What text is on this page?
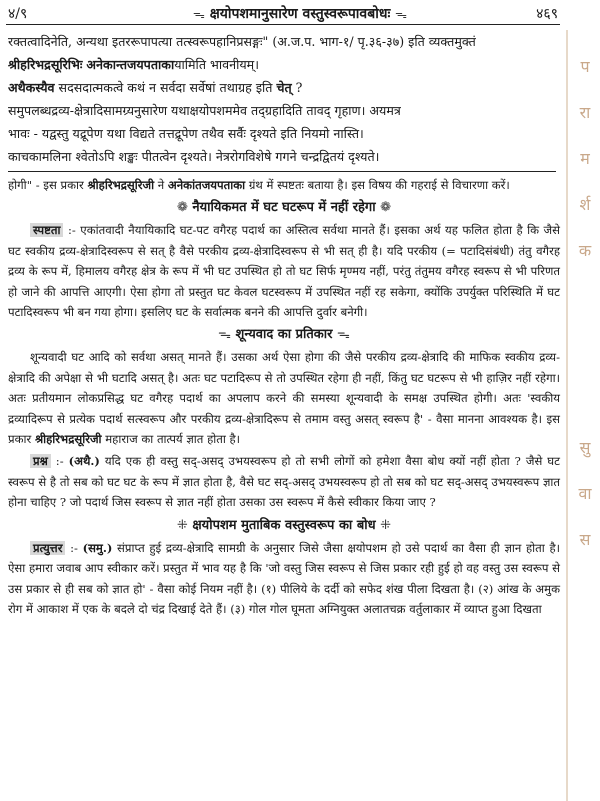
४/९	ᯓ क्षयोपशमानुसारेण वस्तुस्वरूपावबोधः ᯓ	४६९
प
रा
म
र्श
क
सु
वा
स

रक्तत्वादिनेति, अन्यथा इतररूपापत्या तत्स्वरूपहानिप्रसङ्गः" (अ.ज.प. भाग-१/ पृ.३६-३७) इति व्यक्तमुक्तं

श्रीहरिभद्रसूरिभिः अनेकान्तजयपताकायामिति भावनीयम्।

अथैकस्यैव सदसदात्मकत्वे कथं न सर्वदा सर्वेषां तथाग्रह इति चेत् ?

समुपलब्धद्रव्य-क्षेत्रादिसामग्र्यनुसारेण यथाक्षयोपशममेव तद्ग्रहादिति तावद् गृहाण। अयमत्र

भावः - यद्वस्तु यद्रूपेण यथा विद्यते तत्तद्रूपेण तथैव सर्वैः दृश्यते इति नियमो नास्ति।

काचकामलिना श्वेतोऽपि शङ्खः पीतत्वेन दृश्यते। नेत्ररोगविशेषे गगने चन्द्रद्वितयं दृश्यते।

होगी" - इस प्रकार श्रीहरिभद्रसूरिजी ने अनेकांतजयपताका ग्रंथ में स्पष्टतः बताया है। इस विषय की गहराई से विचारणा करें।

❁ नैयायिकमत में घट घटरूप में नहीं रहेगा ❁

स्पष्टता :- एकांतवादी नैयायिकादि घट-पट वगैरह पदार्थ का अस्तित्व सर्वथा मानते हैं। इसका अर्थ यह फलित होता है कि जैसे घट स्वकीय द्रव्य-क्षेत्रादिस्वरूप से सत् है वैसे परकीय द्रव्य-क्षेत्रादिस्वरूप से भी सत् ही है। यदि परकीय (= पटादिसंबंधी) तंतु वगैरह द्रव्य के रूप में, हिमालय वगैरह क्षेत्र के रूप में भी घट उपस्थित हो तो घट सिर्फ मृण्मय नहीं, परंतु तंतुमय वगैरह स्वरूप से भी परिणत हो जाने की आपत्ति आएगी। ऐसा होगा तो प्रस्तुत घट केवल घटस्वरूप में उपस्थित नहीं रह सकेगा, क्योंकि उपर्युक्त परिस्थिति में घट पटादिस्वरूप भी बन गया होगा। इसलिए घट के सर्वात्मक बनने की आपत्ति दुर्वार बनेगी।

ᯓ शून्यवाद का प्रतिकार ᯓ

शून्यवादी घट आदि को सर्वथा असत् मानते हैं। उसका अर्थ ऐसा होगा की जैसे परकीय द्रव्य-क्षेत्रादि की माफिक स्वकीय द्रव्य-क्षेत्रादि की अपेक्षा से भी घटादि असत् है। अतः घट पटादिरूप से तो उपस्थित रहेगा ही नहीं, किंतु घट घटरूप से भी हाज़िर नहीं रहेगा। अतः प्रतीयमान लोकप्रसिद्ध घट वगैरह पदार्थ का अपलाप करने की समस्या शून्यवादी के समक्ष उपस्थित होगी। अतः 'स्वकीय द्रव्यादिरूप से प्रत्येक पदार्थ सत्स्वरूप और परकीय द्रव्य-क्षेत्रादिरूप से तमाम वस्तु असत् स्वरूप है' - वैसा मानना आवश्यक है। इस प्रकार श्रीहरिभद्रसूरिजी महाराज का तात्पर्य ज्ञात होता है।

प्रश्न :- (अथै.) यदि एक ही वस्तु सद्-असद् उभयस्वरूप हो तो सभी लोगों को हमेशा वैसा बोध क्यों नहीं होता ? जैसे घट स्वरूप से है तो सब को घट घट के रूप में ज्ञात होता है, वैसे घट सद्-असद् उभयस्वरूप हो तो सब को घट सद्-असद् उभयस्वरूप ज्ञात होना चाहिए ? जो पदार्थ जिस स्वरूप से ज्ञात नहीं होता उसका उस स्वरूप में कैसे स्वीकार किया जाए ?

⁜ क्षयोपशम मुताबिक वस्तुस्वरूप का बोध ⁜

प्रत्युत्तर :- (समु.) संप्राप्त हुई द्रव्य-क्षेत्रादि सामग्री के अनुसार जिसे जैसा क्षयोपशम हो उसे पदार्थ का वैसा ही ज्ञान होता है। ऐसा हमारा जवाब आप स्वीकार करें। प्रस्तुत में भाव यह है कि 'जो वस्तु जिस स्वरूप से जिस प्रकार रही हुई हो वह वस्तु उस स्वरूप से उस प्रकार से ही सब को ज्ञात हो' - वैसा कोई नियम नहीं है। (१) पीलिये के दर्दी को सफेद शंख पीला दिखता है। (२) आंख के अमुक रोग में आकाश में एक के बदले दो चंद्र दिखाई देते हैं। (३) गोल गोल घूमता अग्नियुक्त अलातचक्र वर्तुलाकार में व्याप्त हुआ दिखता
